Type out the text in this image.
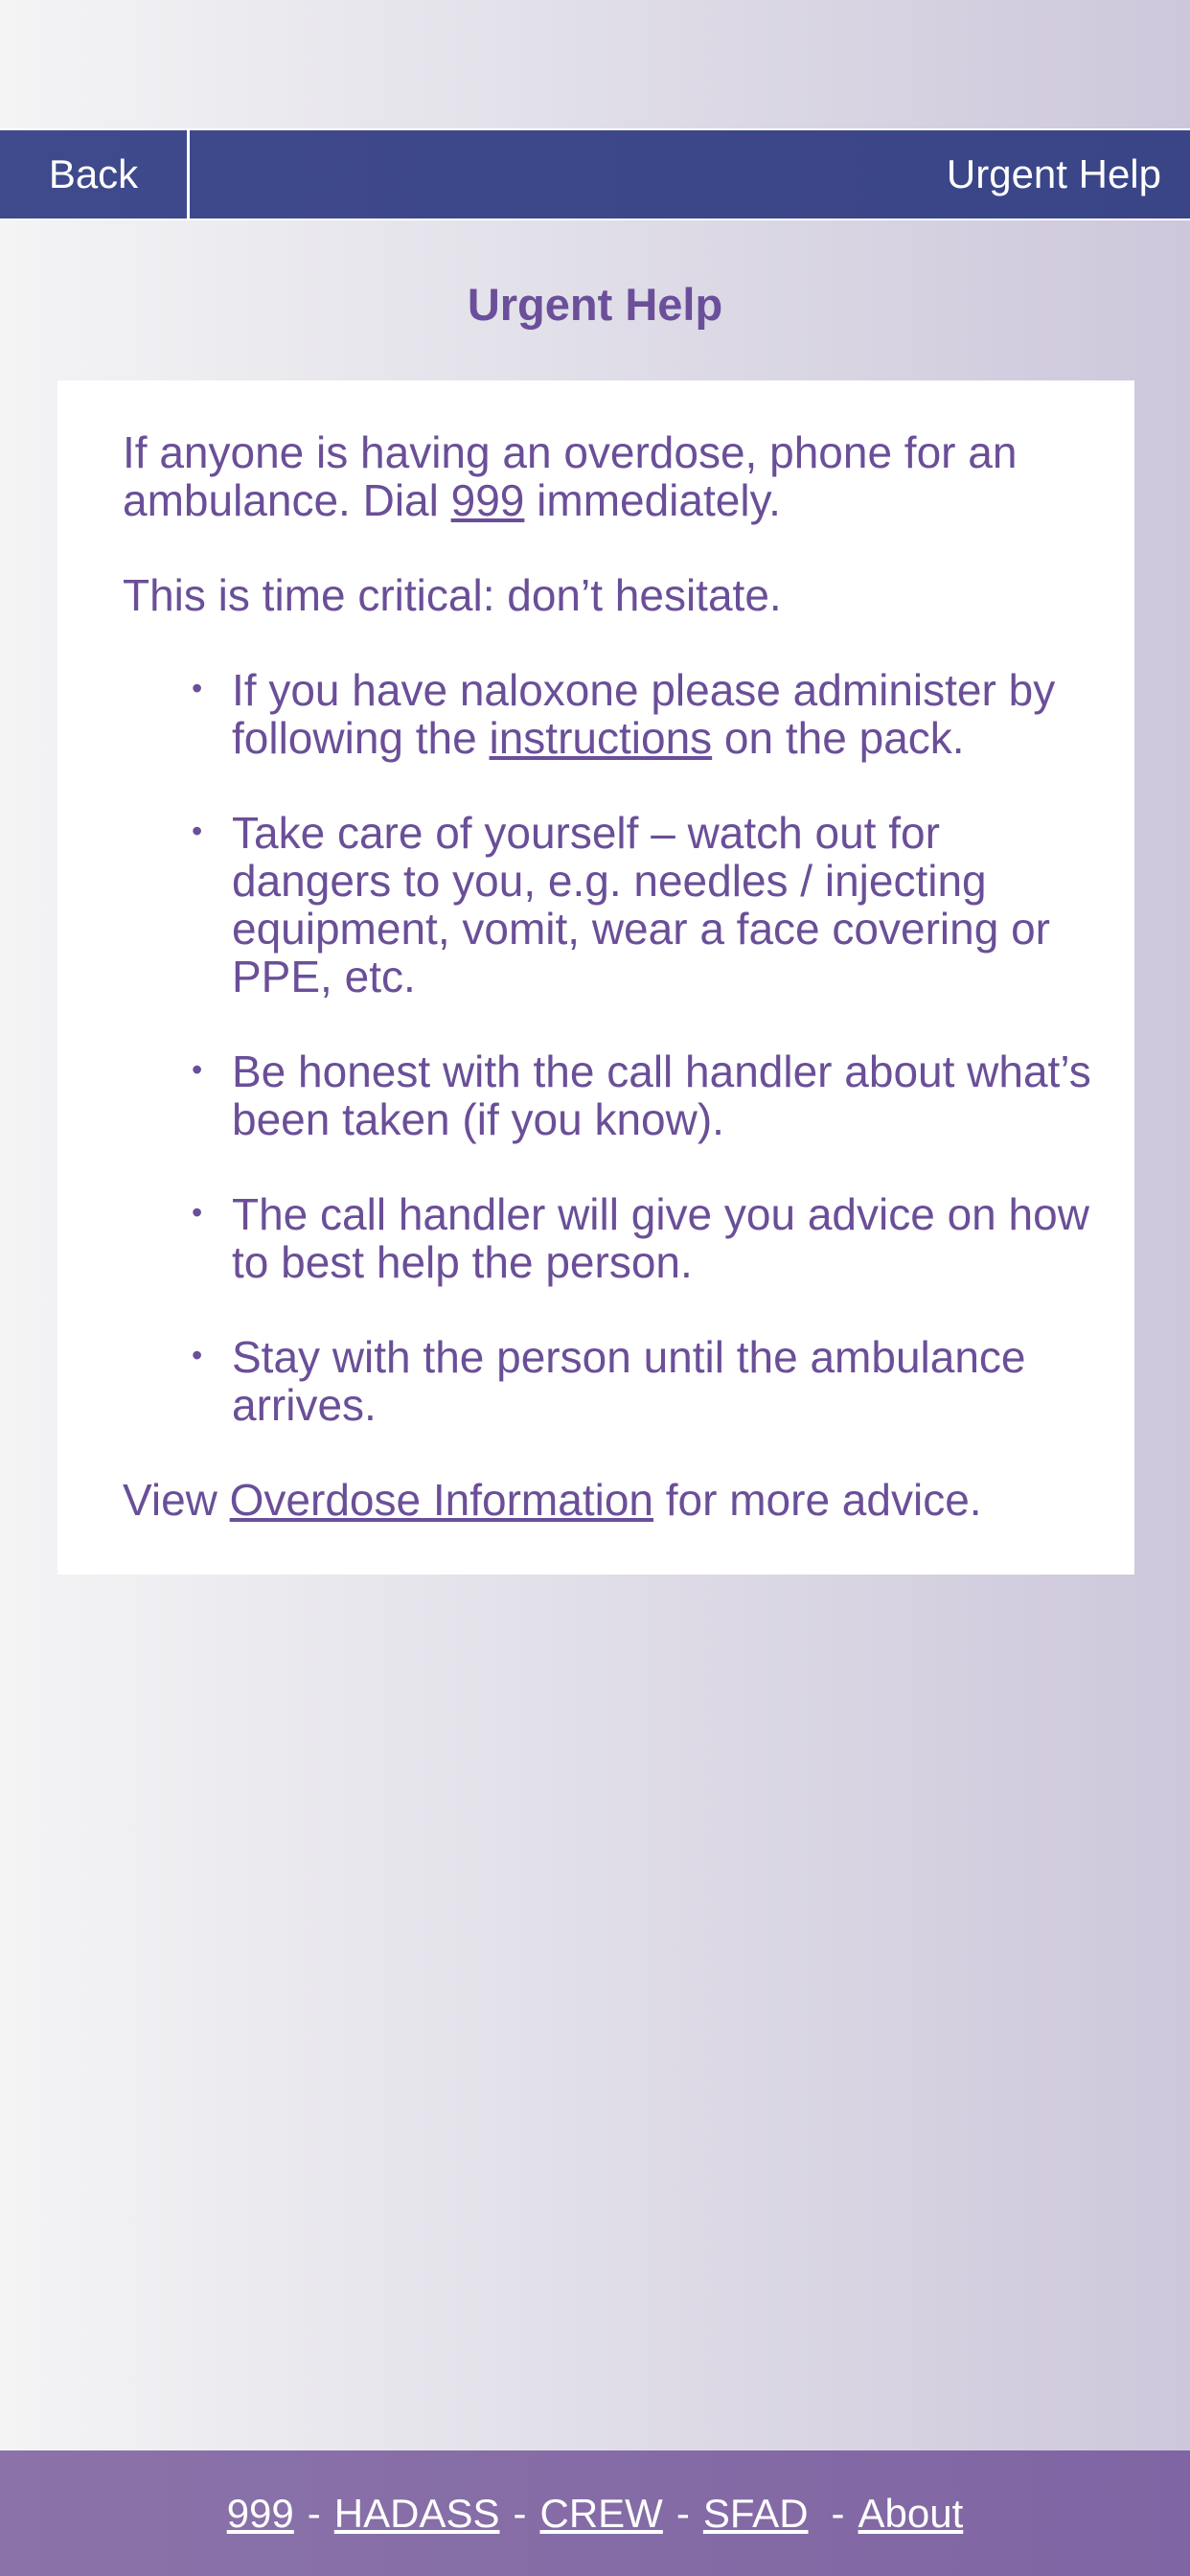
Back	Urgent Help
Urgent Help

If anyone is having an overdose, phone for an ambulance. Dial 999 immediately.

This is time critical: don’t hesitate.

• If you have naloxone please administer by following the instructions on the pack.
• Take care of yourself – watch out for dangers to you, e.g. needles / injecting equipment, vomit, wear a face covering or PPE, etc.
• Be honest with the call handler about what’s been taken (if you know).
• The call handler will give you advice on how to best help the person.
• Stay with the person until the ambulance arrives.

View Overdose Information for more advice.

999 - HADASS - CREW - SFAD - About
